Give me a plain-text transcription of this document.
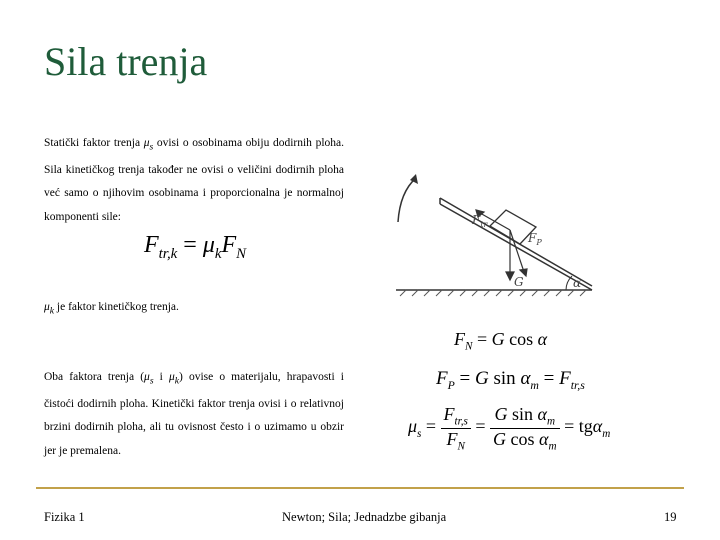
Sila trenja
Statički faktor trenja $\mu_s$ ovisi o osobinama obiju dodirnih ploha. Sila kinetičkog trenja također ne ovisi o veličini dodirnih ploha već samo o njihovim osobinama i proporcionalna je normalnoj komponenti sile:
$F_{tr,k} = \mu_kF_N$
$\mu_k$ je faktor kinetičkog trenja.
Oba faktora trenja ($\mu_s$ i $\mu_k$) ovise o materijalu, hrapavosti i čistoći dodirnih ploha. Kinetički faktor trenja ovisi i o relativnoj brzini dodirnih ploha, ali tu ovisnost često i o uzimamo u obzir jer je premalena.
$F_{tr}$
$F_P$
G	α
$F_N = G$ cos α
$F_P = G$ $\sin \alpha_m = F_{tr,s}$
$\mu_s = \frac{F_{tr,s}}{F_N} = \frac{G \sin \alpha_m}{G \cos \alpha_m} = tg\alpha_m$
Fizika 1	Newton; Sila; Jednadzbe gibanja	19
